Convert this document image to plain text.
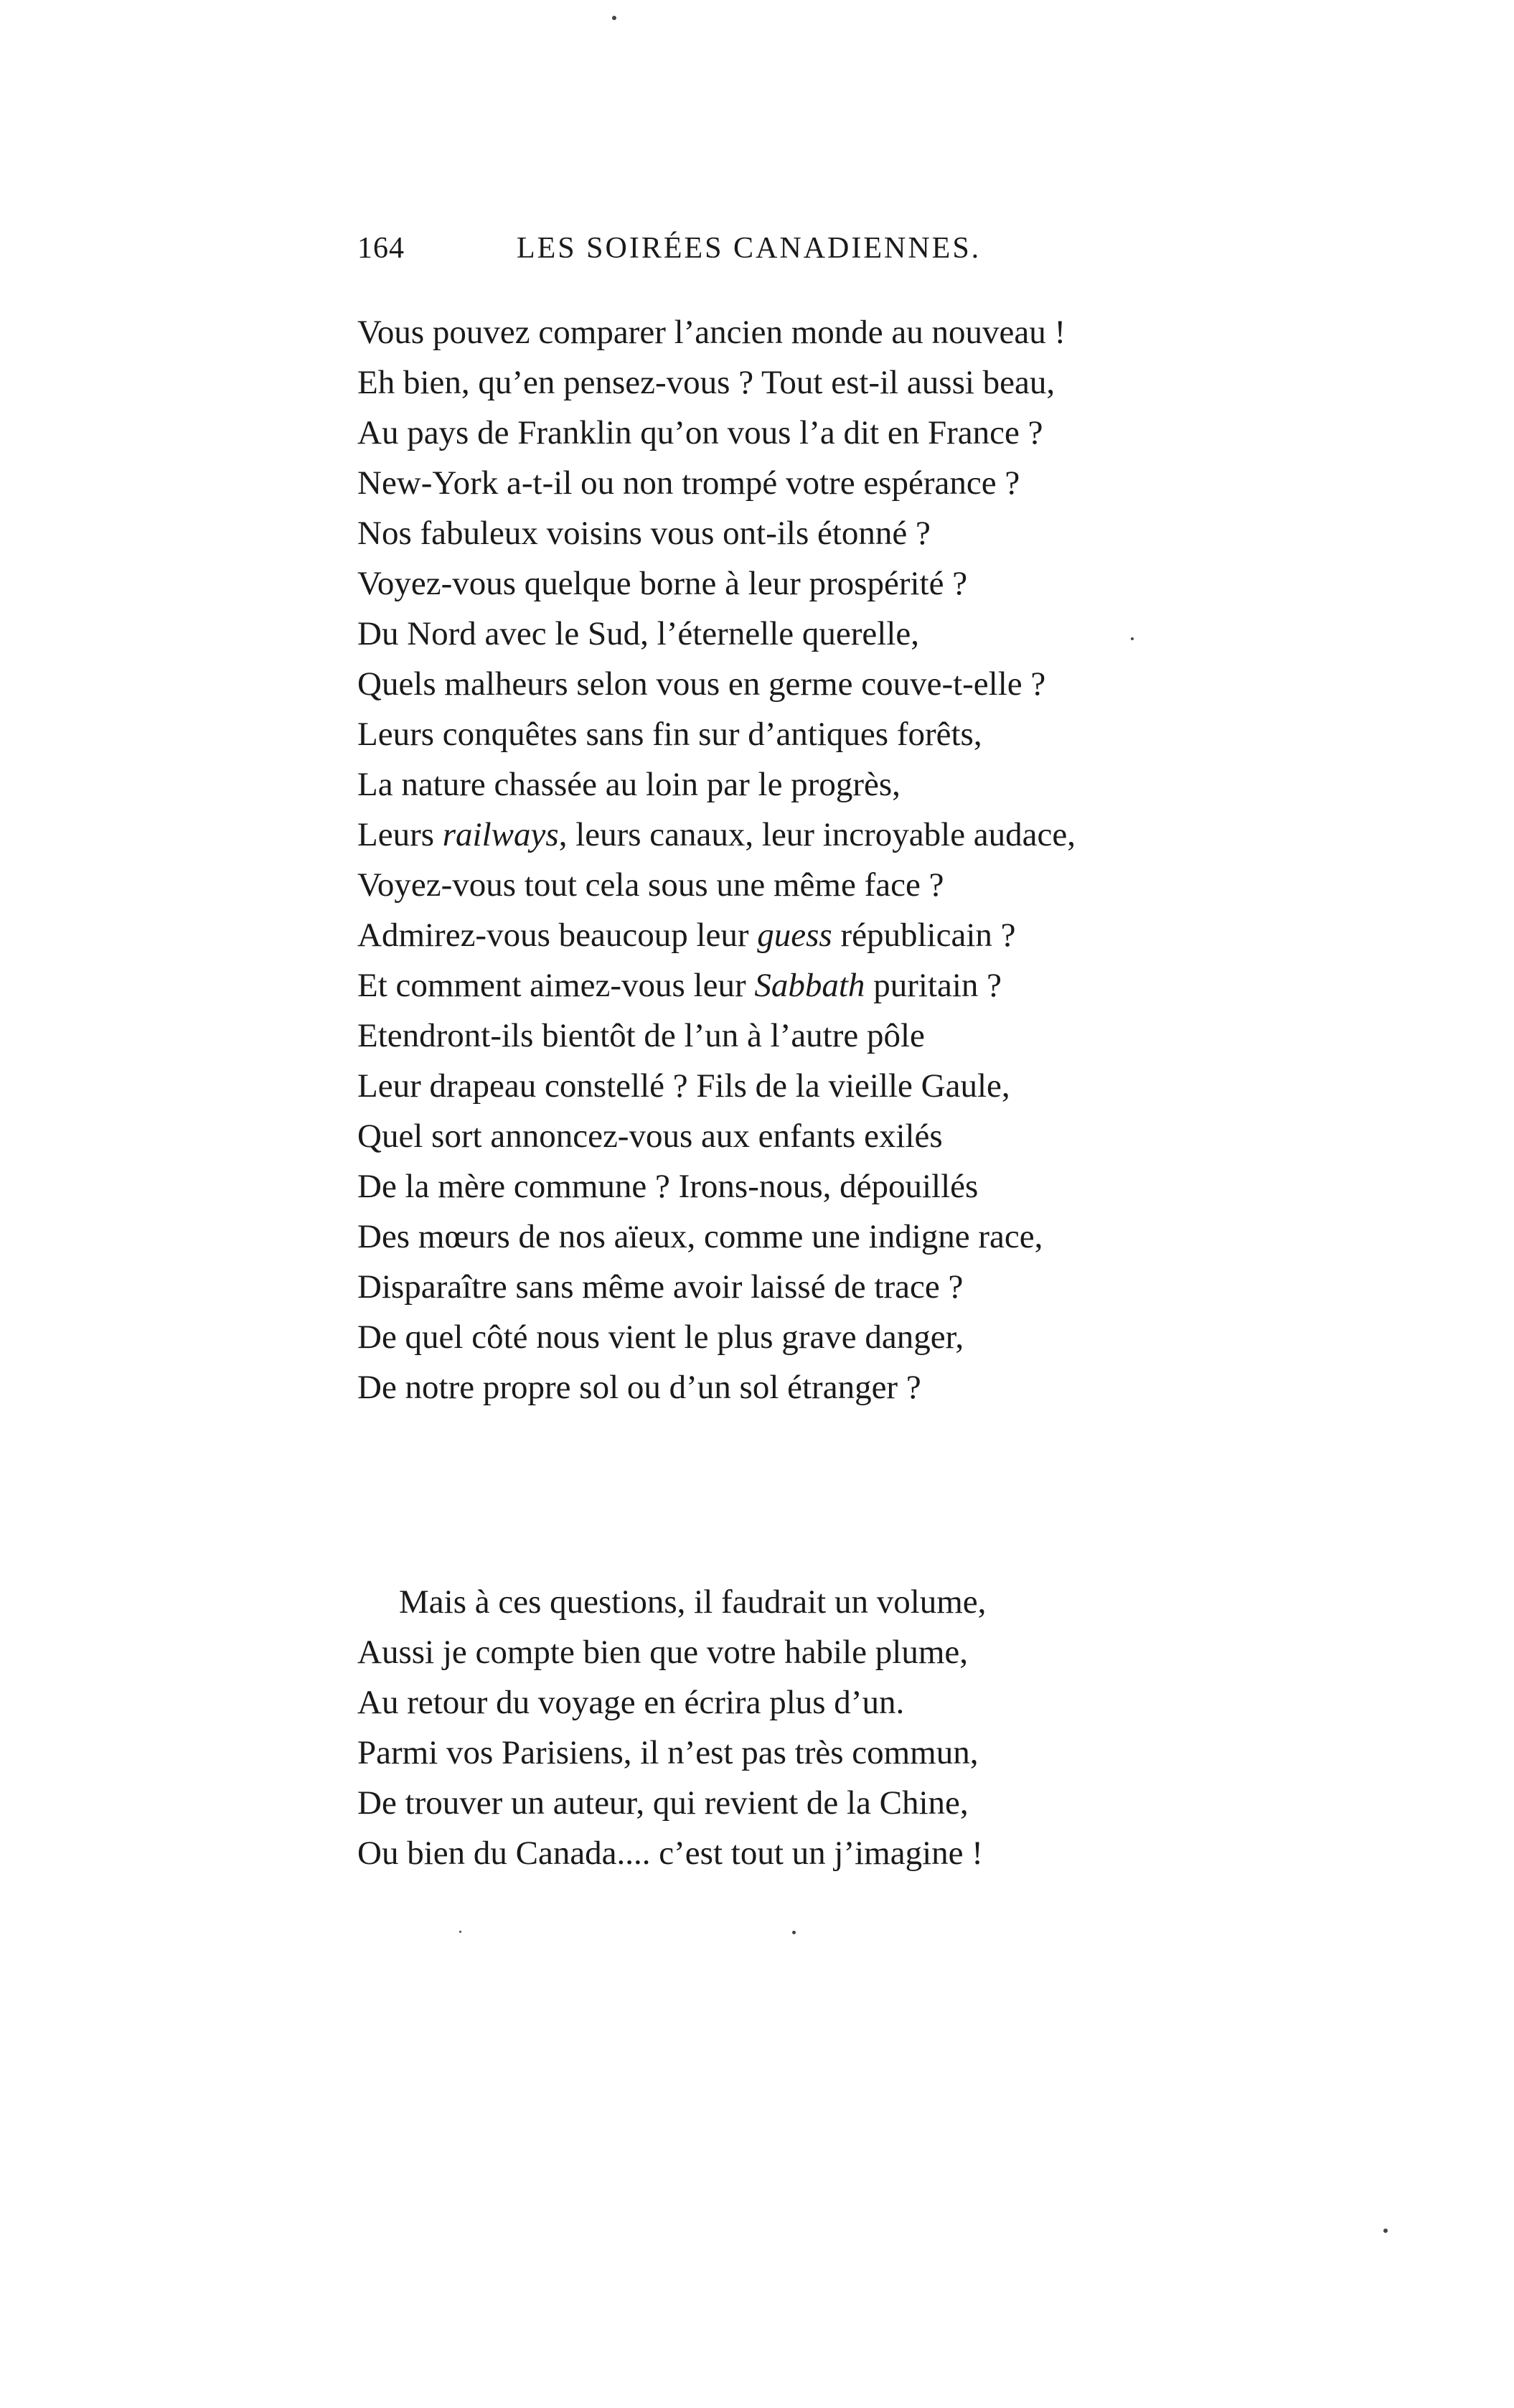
164	LES SOIRÉES CANADIENNES.
Vous pouvez comparer l’ancien monde au nouveau !
Eh bien, qu’en pensez-vous ? Tout est-il aussi beau,
Au pays de Franklin qu’on vous l’a dit en France ?
New-York a-t-il ou non trompé votre espérance ?
Nos fabuleux voisins vous ont-ils étonné ?
Voyez-vous quelque borne à leur prospérité ?
Du Nord avec le Sud, l’éternelle querelle,
Quels malheurs selon vous en germe couve-t-elle ?
Leurs conquêtes sans fin sur d’antiques forêts,
La nature chassée au loin par le progrès,
Leurs railways, leurs canaux, leur incroyable audace,
Voyez-vous tout cela sous une même face ?
Admirez-vous beaucoup leur guess républicain ?
Et comment aimez-vous leur Sabbath puritain ?
Etendront-ils bientôt de l’un à l’autre pôle
Leur drapeau constellé ? Fils de la vieille Gaule,
Quel sort annoncez-vous aux enfants exilés
De la mère commune ? Irons-nous, dépouillés
Des mœurs de nos aïeux, comme une indigne race,
Disparaître sans même avoir laissé de trace ?
De quel côté nous vient le plus grave danger,
De notre propre sol ou d’un sol étranger ?
Mais à ces questions, il faudrait un volume,
Aussi je compte bien que votre habile plume,
Au retour du voyage en écrira plus d’un.
Parmi vos Parisiens, il n’est pas très commun,
De trouver un auteur, qui revient de la Chine,
Ou bien du Canada.... c’est tout un j’imagine !
